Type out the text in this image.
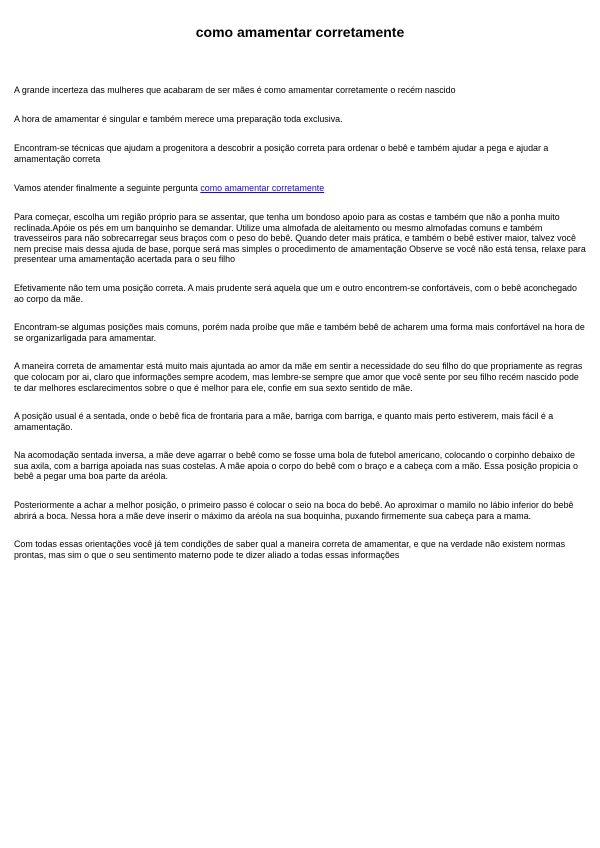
como amamentar corretamente

A grande incerteza das mulheres que acabaram de ser mães é como amamentar corretamente o recém nascido

A hora de amamentar é singular e também merece uma preparação toda exclusiva.

Encontram-se técnicas que ajudam a progenitora a descobrir a posição correta para ordenar o bebê e também ajudar a pega e ajudar a amamentação correta

Vamos atender finalmente a seguinte pergunta como amamentar corretamente

Para começar, escolha um região próprio para se assentar, que tenha um bondoso apoio para as costas e também que não a ponha muito reclinada.Apóie os pés em um banquinho se demandar. Utilize uma almofada de aleitamento ou mesmo almofadas comuns e também travesseiros para não sobrecarregar seus braços com o peso do bebê. Quando deter mais prática, e também o bebê estiver maior, talvez você nem precise mais dessa ajuda de base, porque será mas simples o procedimento de amamentação Observe se você não está tensa, relaxe para presentear uma amamentação acertada para o seu filho

Efetivamente não tem uma posição correta. A mais prudente será aquela que um e outro encontrem-se confortáveis, com o bebê aconchegado ao corpo da mãe.

Encontram-se algumas posições mais comuns, porém nada proíbe que mãe e também bebê de acharem uma forma mais confortável na hora de se organizarligada para amamentar.

A maneira correta de amamentar está muito mais ajuntada ao amor da mãe em sentir a necessidade do seu filho do que propriamente as regras que colocam por ai, claro que informações sempre acodem, mas lembre-se sempre que amor que você sente por seu filho recém nascido pode te dar melhores esclarecimentos sobre o que é melhor para ele, confie em sua sexto sentido de mãe.

A posição usual é a sentada, onde o bebê fica de frontaria para a mãe, barriga com barriga, e quanto mais perto estiverem, mais fácil é a amamentação.

Na acomodação sentada inversa, a mãe deve agarrar o bebê como se fosse uma bola de futebol americano, colocando o corpinho debaixo de sua axila, com a barriga apoiada nas suas costelas. A mãe apoia o corpo do bebê com o braço e a cabeça com a mão. Essa posição propicia o bebê a pegar uma boa parte da aréola.

Posteriormente a achar a melhor posição, o primeiro passo é colocar o seio na boca do bebê. Ao aproximar o mamilo no lábio inferior do bebê abrirá a boca. Nessa hora a mãe deve inserir o máximo da aréola na sua boquinha, puxando firmemente sua cabeça para a mama.

Com todas essas orientações você já tem condições de saber qual a maneira correta de amamentar, e que na verdade não existem normas prontas, mas sim o que o seu sentimento materno pode te dizer aliado a todas essas informações
